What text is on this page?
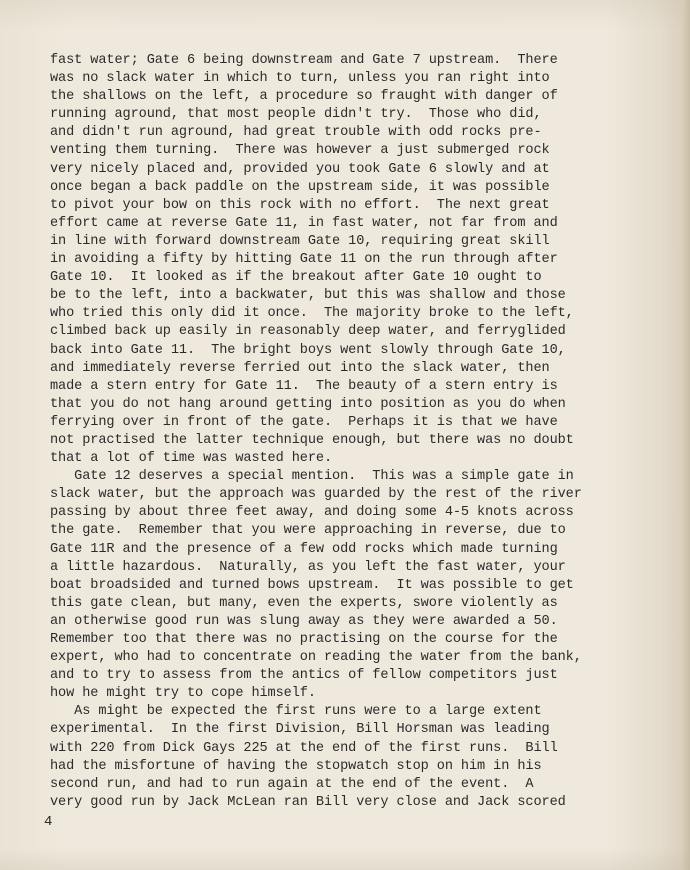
fast water; Gate 6 being downstream and Gate 7 upstream.  There
was no slack water in which to turn, unless you ran right into
the shallows on the left, a procedure so fraught with danger of
running aground, that most people didn't try.  Those who did,
and didn't run aground, had great trouble with odd rocks pre-
venting them turning.  There was however a just submerged rock
very nicely placed and, provided you took Gate 6 slowly and at
once began a back paddle on the upstream side, it was possible
to pivot your bow on this rock with no effort.  The next great
effort came at reverse Gate 11, in fast water, not far from and
in line with forward downstream Gate 10, requiring great skill
in avoiding a fifty by hitting Gate 11 on the run through after
Gate 10.  It looked as if the breakout after Gate 10 ought to
be to the left, into a backwater, but this was shallow and those
who tried this only did it once.  The majority broke to the left,
climbed back up easily in reasonably deep water, and ferryglided
back into Gate 11.  The bright boys went slowly through Gate 10,
and immediately reverse ferried out into the slack water, then
made a stern entry for Gate 11.  The beauty of a stern entry is
that you do not hang around getting into position as you do when
ferrying over in front of the gate.  Perhaps it is that we have
not practised the latter technique enough, but there was no doubt
that a lot of time was wasted here.
Gate 12 deserves a special mention.  This was a simple gate in
slack water, but the approach was guarded by the rest of the river
passing by about three feet away, and doing some 4-5 knots across
the gate.  Remember that you were approaching in reverse, due to
Gate 11R and the presence of a few odd rocks which made turning
a little hazardous.  Naturally, as you left the fast water, your
boat broadsided and turned bows upstream.  It was possible to get
this gate clean, but many, even the experts, swore violently as
an otherwise good run was slung away as they were awarded a 50.
Remember too that there was no practising on the course for the
expert, who had to concentrate on reading the water from the bank,
and to try to assess from the antics of fellow competitors just
how he might try to cope himself.
As might be expected the first runs were to a large extent
experimental.  In the first Division, Bill Horsman was leading
with 220 from Dick Gays 225 at the end of the first runs.  Bill
had the misfortune of having the stopwatch stop on him in his
second run, and had to run again at the end of the event.  A
very good run by Jack McLean ran Bill very close and Jack scored
4
